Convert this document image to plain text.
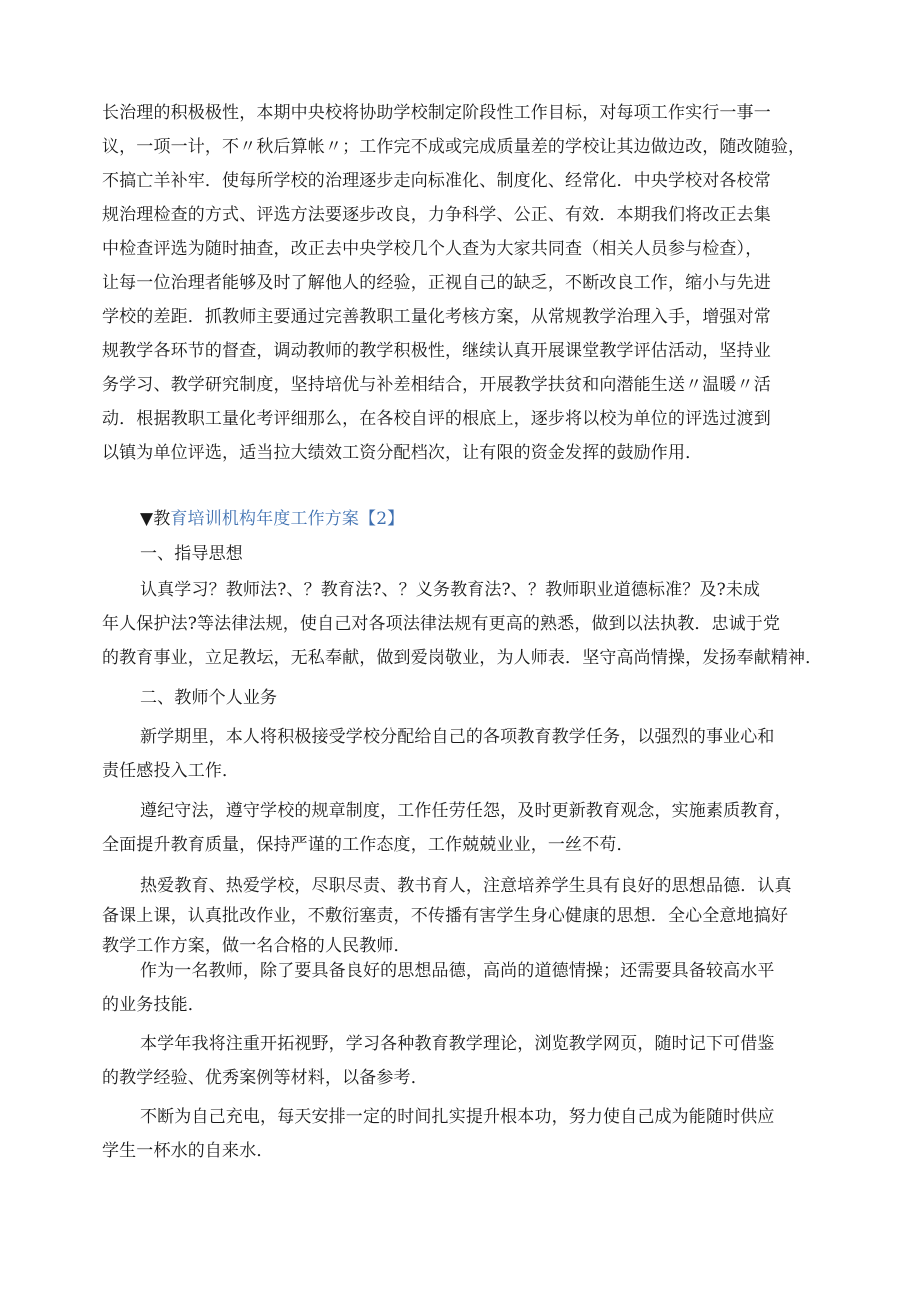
长治理的积极极性，本期中央校将协助学校制定阶段性工作目标，对每项工作实行一事一
议，一项一计，不〃秋后算帐〃；工作完不成或完成质量差的学校让其边做边改，随改随验，
不搞亡羊补牢．使每所学校的治理逐步走向标准化、制度化、经常化．中央学校对各校常
规治理检查的方式、评选方法要逐步改良，力争科学、公正、有效．本期我们将改正去集
中检查评选为随时抽查，改正去中央学校几个人查为大家共同查（相关人员参与检查），
让每一位治理者能够及时了解他人的经验，正视自己的缺乏，不断改良工作，缩小与先进
学校的差距．抓教师主要通过完善教职工量化考核方案，从常规教学治理入手，增强对常
规教学各环节的督查，调动教师的教学积极性，继续认真开展课堂教学评估活动，坚持业
务学习、教学研究制度，坚持培优与补差相结合，开展教学扶贫和向潜能生送〃温暖〃活
动．根据教职工量化考评细那么，在各校自评的根底上，逐步将以校为单位的评选过渡到
以镇为单位评选，适当拉大绩效工资分配档次，让有限的资金发挥的鼓励作用．
▼教育培训机构年度工作方案【2】
一、指导思想
认真学习？教师法?、？教育法?、？义务教育法?、？教师职业道德标准？及?未成
年人保护法?等法律法规，使自己对各项法律法规有更高的熟悉，做到以法执教．忠诚于党
的教育事业，立足教坛，无私奉献，做到爱岗敬业，为人师表．坚守高尚情操，发扬奉献精神．
二、教师个人业务
新学期里，本人将积极接受学校分配给自己的各项教育教学任务，以强烈的事业心和
责任感投入工作．
遵纪守法，遵守学校的规章制度，工作任劳任怨，及时更新教育观念，实施素质教育，
全面提升教育质量，保持严谨的工作态度，工作兢兢业业，一丝不苟．
热爱教育、热爱学校，尽职尽责、教书育人，注意培养学生具有良好的思想品德．认真
备课上课，认真批改作业，不敷衍塞责，不传播有害学生身心健康的思想．全心全意地搞好
教学工作方案，做一名合格的人民教师．
作为一名教师，除了要具备良好的思想品德，高尚的道德情操；还需要具备较高水平
的业务技能．
本学年我将注重开拓视野，学习各种教育教学理论，浏览教学网页，随时记下可借鉴
的教学经验、优秀案例等材料，以备参考．
不断为自己充电，每天安排一定的时间扎实提升根本功，努力使自己成为能随时供应
学生一杯水的自来水．
